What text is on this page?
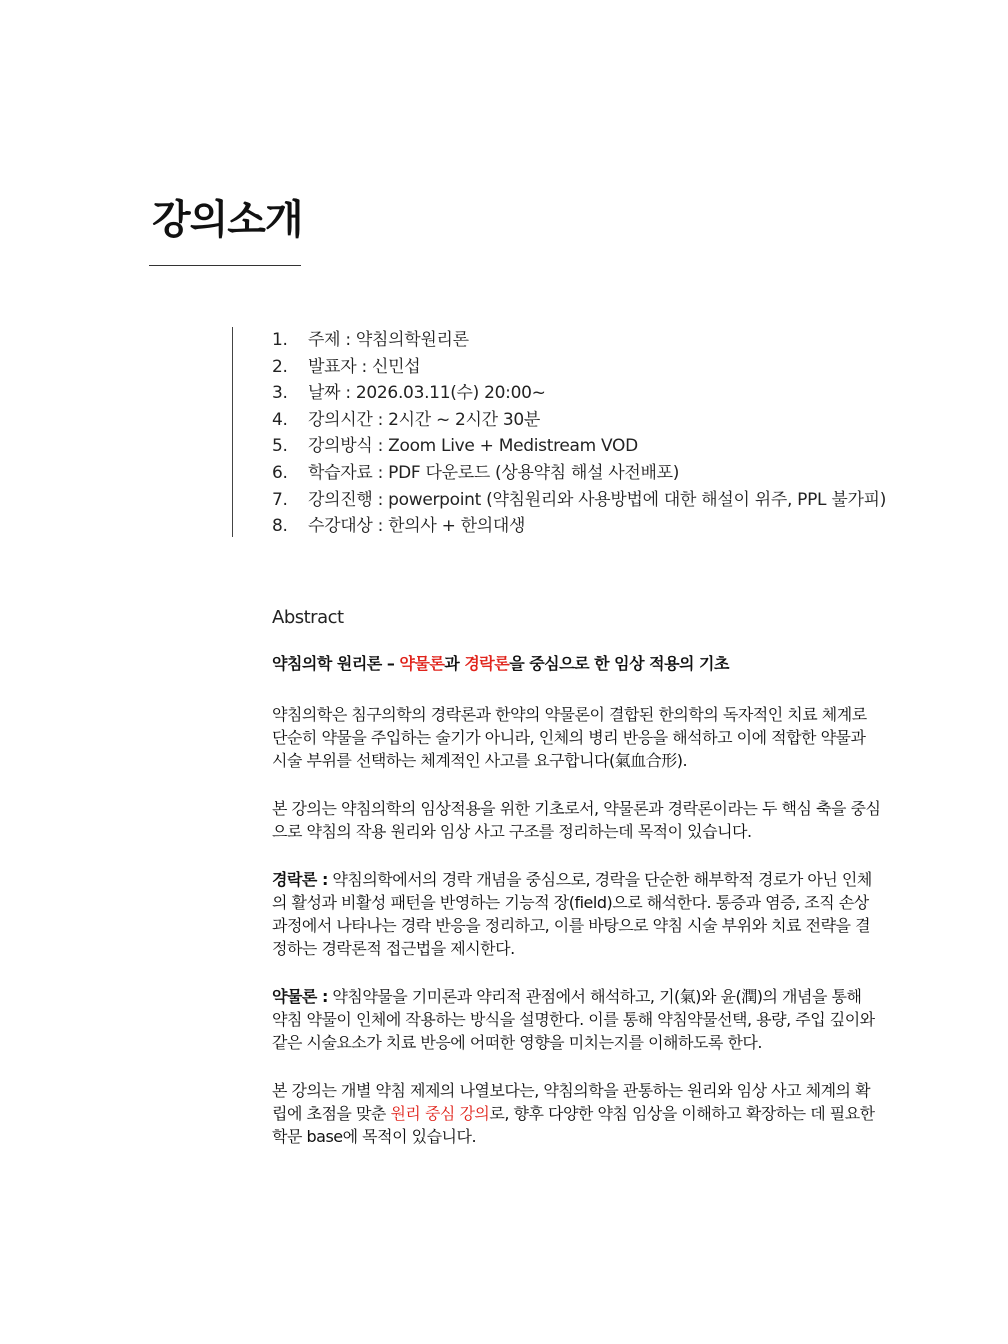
강의소개
1. 주제 : 약침의학원리론
2. 발표자 : 신민섭
3. 날짜 : 2026.03.11(수) 20:00~
4. 강의시간 : 2시간 ~ 2시간 30분
5. 강의방식 : Zoom Live + Medistream VOD
6. 학습자료 : PDF 다운로드 (상용약침 해설 사전배포)
7. 강의진행 : powerpoint (약침원리와 사용방법에 대한 해설이 위주, PPL 불가피)
8. 수강대상 : 한의사 + 한의대생
Abstract
약침의학 원리론 – 약물론과 경락론을 중심으로 한 임상 적용의 기초
약침의학은 침구의학의 경락론과 한약의 약물론이 결합된 한의학의 독자적인 치료 체계로
단순히 약물을 주입하는 술기가 아니라, 인체의 병리 반응을 해석하고 이에 적합한 약물과
시술 부위를 선택하는 체계적인 사고를 요구합니다(氣血合形).
본 강의는 약침의학의 임상적용을 위한 기초로서, 약물론과 경락론이라는 두 핵심 축을 중심
으로 약침의 작용 원리와 임상 사고 구조를 정리하는데 목적이 있습니다.
경락론 : 약침의학에서의 경락 개념을 중심으로, 경락을 단순한 해부학적 경로가 아닌 인체
의 활성과 비활성 패턴을 반영하는 기능적 장(field)으로 해석한다. 통증과 염증, 조직 손상
과정에서 나타나는 경락 반응을 정리하고, 이를 바탕으로 약침 시술 부위와 치료 전략을 결
정하는 경락론적 접근법을 제시한다.
약물론 : 약침약물을 기미론과 약리적 관점에서 해석하고, 기(氣)와 윤(潤)의 개념을 통해
약침 약물이 인체에 작용하는 방식을 설명한다. 이를 통해 약침약물선택, 용량, 주입 깊이와
같은 시술요소가 치료 반응에 어떠한 영향을 미치는지를 이해하도록 한다.
본 강의는 개별 약침 제제의 나열보다는, 약침의학을 관통하는 원리와 임상 사고 체계의 확
립에 초점을 맞춘 원리 중심 강의로, 향후 다양한 약침 임상을 이해하고 확장하는 데 필요한
학문 base에 목적이 있습니다.
